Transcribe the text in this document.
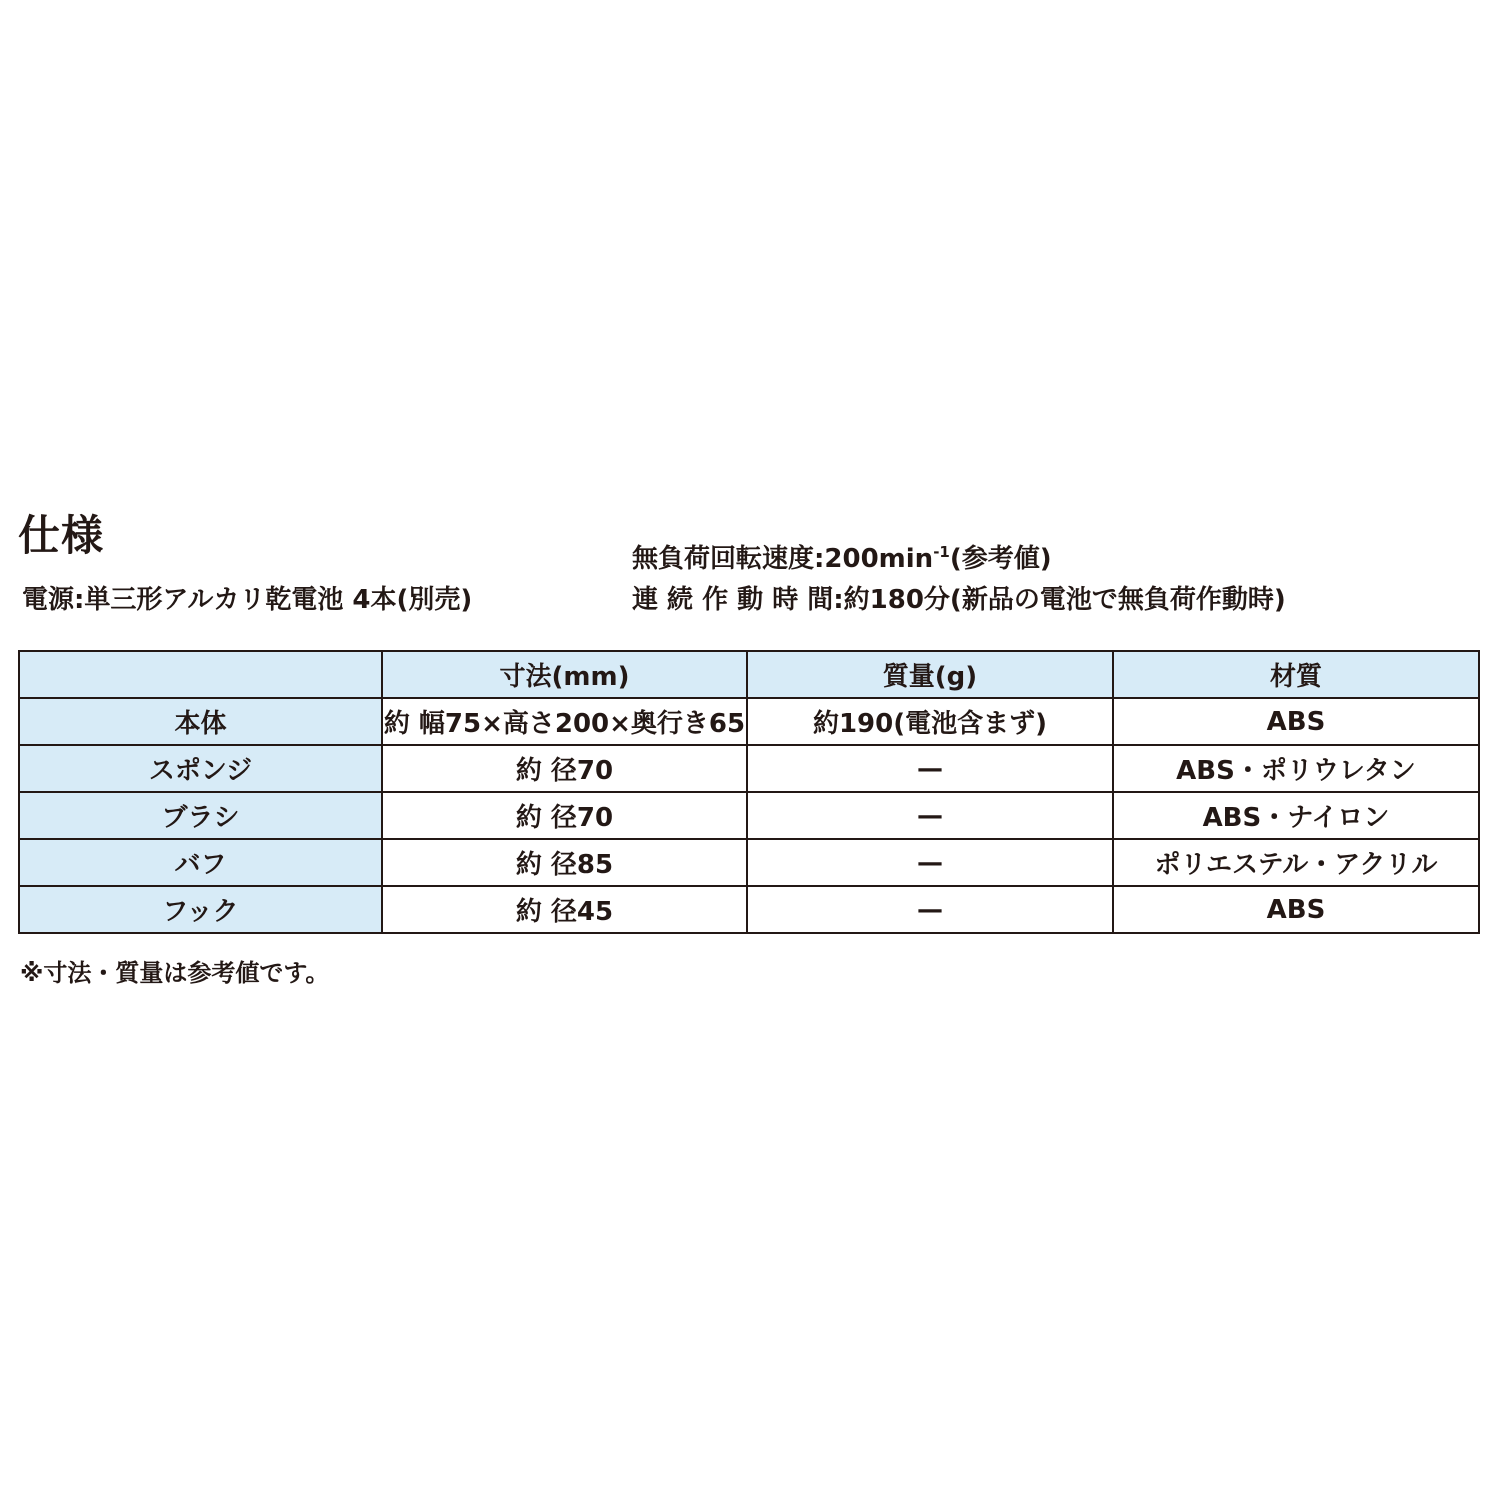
仕様
電源:単三形アルカリ乾電池 4本(別売)
無負荷回転速度$:200\min^{-1}$(参考値)
連 続 作 動 時 間:約180分(新品の電池で無負荷作動時)
	寸法(mm)	質量(g)	材質
本体	約 幅75×高さ200×奥行き65	約190(電池含まず)	ABS
スポンジ	約 径70	—	ABS・ポリウレタン
ブラシ	約 径70	—	ABS・ナイロン
バフ	約 径85	—	ポリエステル・アクリル
フック	約 径45	—	ABS
※寸法・質量は参考値です。
